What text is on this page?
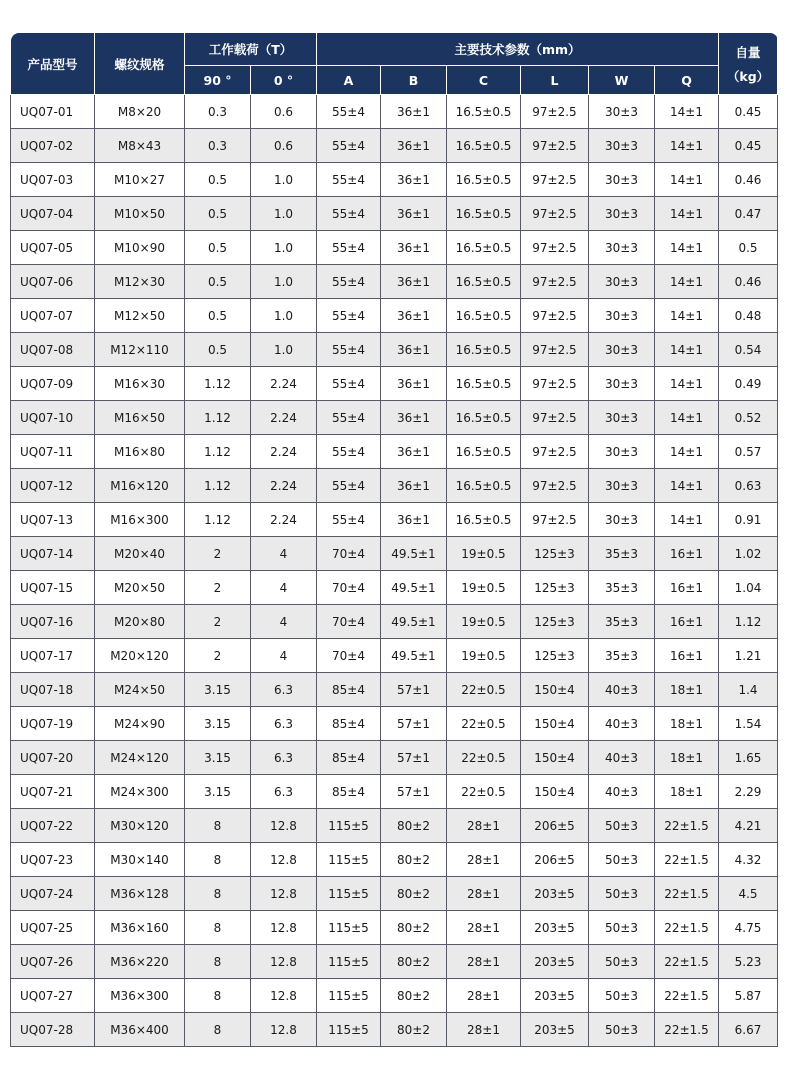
产品型号	螺纹规格	工作载荷（T）		主要技术参数（mm）						自量
（kg）

		90 °	0 °	A	B	C	L	W	Q	
UQ07-01	M8×20	0.3	0.6	55±4	36±1	16.5±0.5	97±2.5	30±3	14±1	0.45
UQ07-02	M8×43	0.3	0.6	55±4	36±1	16.5±0.5	97±2.5	30±3	14±1	0.45
UQ07-03	M10×27	0.5	1.0	55±4	36±1	16.5±0.5	97±2.5	30±3	14±1	0.46
UQ07-04	M10×50	0.5	1.0	55±4	36±1	16.5±0.5	97±2.5	30±3	14±1	0.47
UQ07-05	M10×90	0.5	1.0	55±4	36±1	16.5±0.5	97±2.5	30±3	14±1	0.5
UQ07-06	M12×30	0.5	1.0	55±4	36±1	16.5±0.5	97±2.5	30±3	14±1	0.46
UQ07-07	M12×50	0.5	1.0	55±4	36±1	16.5±0.5	97±2.5	30±3	14±1	0.48
UQ07-08	M12×110	0.5	1.0	55±4	36±1	16.5±0.5	97±2.5	30±3	14±1	0.54
UQ07-09	M16×30	1.12	2.24	55±4	36±1	16.5±0.5	97±2.5	30±3	14±1	0.49
UQ07-10	M16×50	1.12	2.24	55±4	36±1	16.5±0.5	97±2.5	30±3	14±1	0.52
UQ07-11	M16×80	1.12	2.24	55±4	36±1	16.5±0.5	97±2.5	30±3	14±1	0.57
UQ07-12	M16×120	1.12	2.24	55±4	36±1	16.5±0.5	97±2.5	30±3	14±1	0.63
UQ07-13	M16×300	1.12	2.24	55±4	36±1	16.5±0.5	97±2.5	30±3	14±1	0.91
UQ07-14	M20×40	2	4	70±4	49.5±1	19±0.5	125±3	35±3	16±1	1.02
UQ07-15	M20×50	2	4	70±4	49.5±1	19±0.5	125±3	35±3	16±1	1.04
UQ07-16	M20×80	2	4	70±4	49.5±1	19±0.5	125±3	35±3	16±1	1.12
UQ07-17	M20×120	2	4	70±4	49.5±1	19±0.5	125±3	35±3	16±1	1.21
UQ07-18	M24×50	3.15	6.3	85±4	57±1	22±0.5	150±4	40±3	18±1	1.4
UQ07-19	M24×90	3.15	6.3	85±4	57±1	22±0.5	150±4	40±3	18±1	1.54
UQ07-20	M24×120	3.15	6.3	85±4	57±1	22±0.5	150±4	40±3	18±1	1.65
UQ07-21	M24×300	3.15	6.3	85±4	57±1	22±0.5	150±4	40±3	18±1	2.29
UQ07-22	M30×120	8	12.8	115±5	80±2	28±1	206±5	50±3	22±1.5	4.21
UQ07-23	M30×140	8	12.8	115±5	80±2	28±1	206±5	50±3	22±1.5	4.32
UQ07-24	M36×128	8	12.8	115±5	80±2	28±1	203±5	50±3	22±1.5	4.5
UQ07-25	M36×160	8	12.8	115±5	80±2	28±1	203±5	50±3	22±1.5	4.75
UQ07-26	M36×220	8	12.8	115±5	80±2	28±1	203±5	50±3	22±1.5	5.23
UQ07-27	M36×300	8	12.8	115±5	80±2	28±1	203±5	50±3	22±1.5	5.87
UQ07-28	M36×400	8	12.8	115±5	80±2	28±1	203±5	50±3	22±1.5	6.67
